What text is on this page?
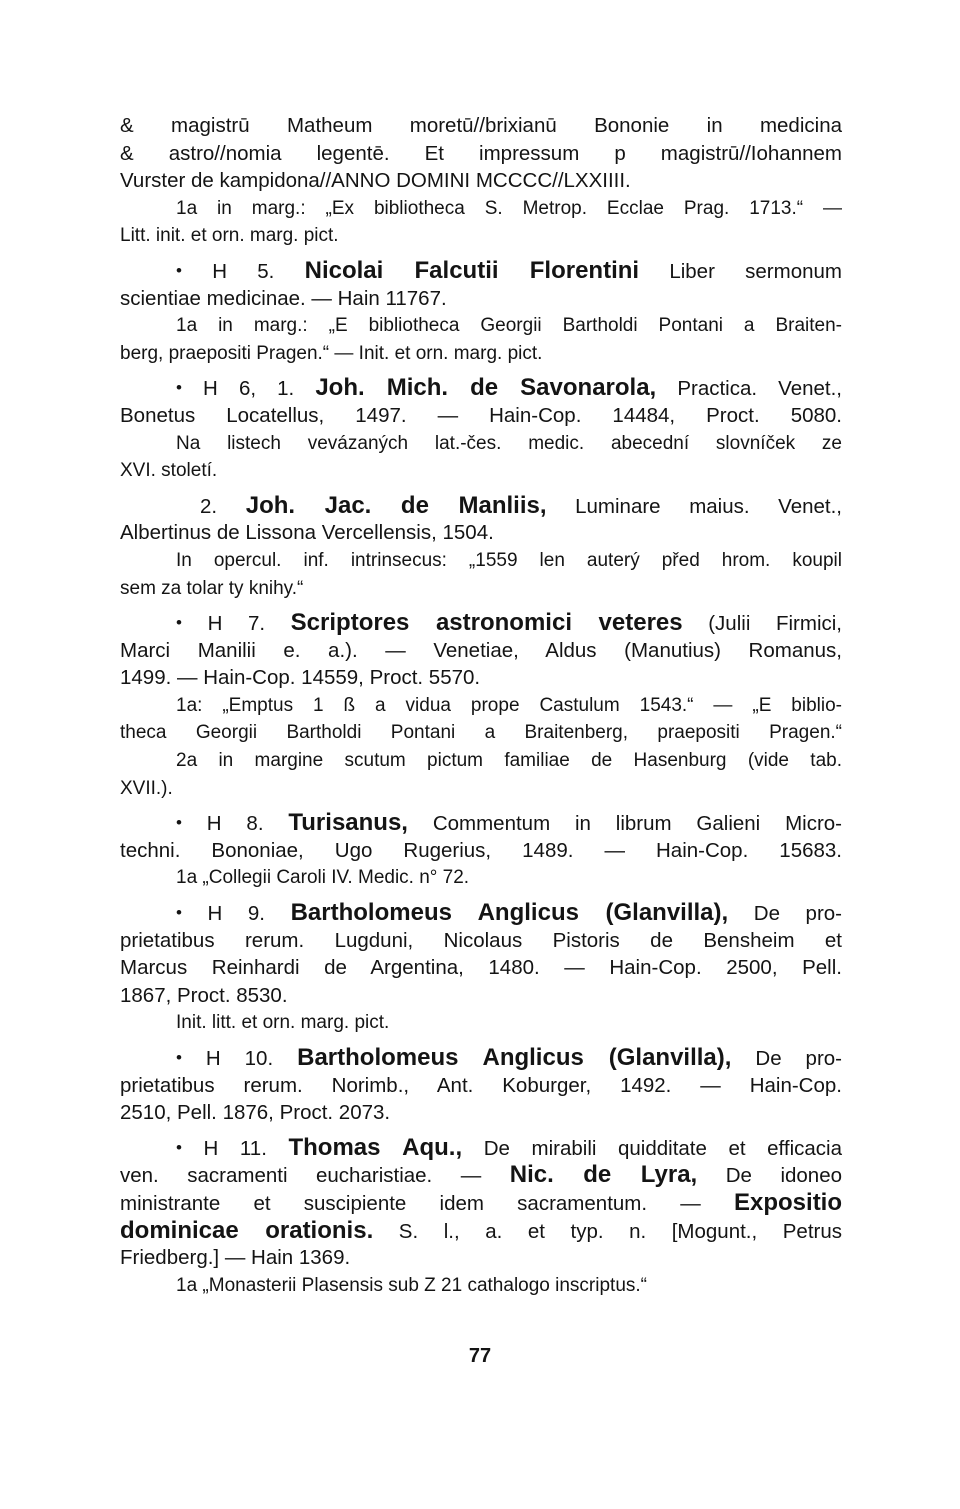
& magistrū Matheum moretū//brixianū Bononie in medicina
& astro//nomia legentē. Et impressum p magistrū//Iohannem
Vurster de kampidona//ANNO DOMINI MCCCC//LXXIIII.
1a in marg.: „Ex bibliotheca S. Metrop. Ecclae Prag. 1713.“ —
Litt. init. et orn. marg. pict.
• H 5. Nicolai Falcutii Florentini Liber sermonum
scientiae medicinae. — Hain 11767.
1a in marg.: „E bibliotheca Georgii Bartholdi Pontani a Braiten-
berg, praepositi Pragen.“ — Init. et orn. marg. pict.
• H 6, 1. Joh. Mich. de Savonarola, Practica. Venet.,
Bonetus Locatellus, 1497. — Hain-Cop. 14484, Proct. 5080.
Na listech vevázaných lat.-čes. medic. abecední slovníček ze
XVI. století.
2. Joh. Jac. de Manliis, Luminare maius. Venet.,
Albertinus de Lissona Vercellensis, 1504.
In opercul. inf. intrinsecus: „1559 len auterý před hrom. koupil
sem za tolar ty knihy.“
• H 7. Scriptores astronomici veteres (Julii Firmici,
Marci Manilii e. a.). — Venetiae, Aldus (Manutius) Romanus,
1499. — Hain-Cop. 14559, Proct. 5570.
1a: „Emptus 1 ß a vidua prope Castulum 1543.“ — „E biblio-
theca Georgii Bartholdi Pontani a Braitenberg, praepositi Pragen.“
2a in margine scutum pictum familiae de Hasenburg (vide tab.
XVII.).
• H 8. Turisanus, Commentum in librum Galieni Micro-
techni. Bononiae, Ugo Rugerius, 1489. — Hain-Cop. 15683.
1a „Collegii Caroli IV. Medic. n° 72.
• H 9. Bartholomeus Anglicus (Glanvilla), De pro-
prietatibus rerum. Lugduni, Nicolaus Pistoris de Bensheim et
Marcus Reinhardi de Argentina, 1480. — Hain-Cop. 2500, Pell.
1867, Proct. 8530.
Init. litt. et orn. marg. pict.
• H 10. Bartholomeus Anglicus (Glanvilla), De pro-
prietatibus rerum. Norimb., Ant. Koburger, 1492. — Hain-Cop.
2510, Pell. 1876, Proct. 2073.
• H 11. Thomas Aqu., De mirabili quidditate et efficacia
ven. sacramenti eucharistiae. — Nic. de Lyra, De idoneo
ministrante et suscipiente idem sacramentum. — Expositio
dominicae orationis. S. l., a. et typ. n. [Mogunt., Petrus
Friedberg.] — Hain 1369.
1a „Monasterii Plasensis sub Z 21 cathalogo inscriptus.“
77
